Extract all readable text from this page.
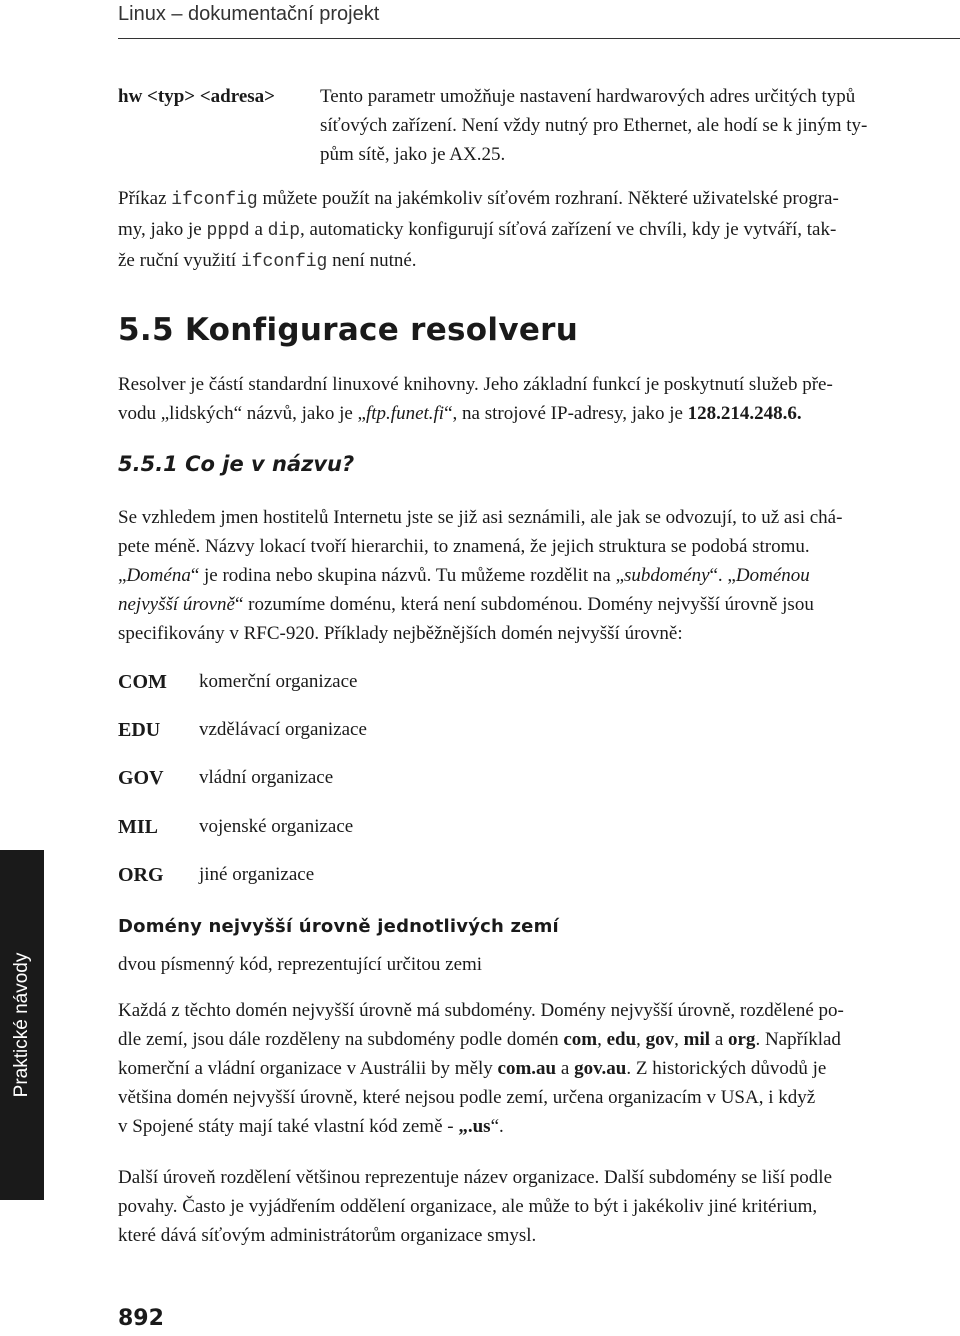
Linux – dokumentační projekt
hw <typ> <adresa> Tento parametr umožňuje nastavení hardwarových adres určitých typů
síťových zařízení. Není vždy nutný pro Ethernet, ale hodí se k jiným ty-
pům sítě, jako je AX.25.
Příkaz ifconfig můžete použít na jakémkoliv síťovém rozhraní. Některé uživatelské progra-
my, jako je pppd a dip, automaticky konfigurují síťová zařízení ve chvíli, kdy je vytváří, tak-
že ruční využití ifconfig není nutné.
5.5 Konfigurace resolveru
Resolver je částí standardní linuxové knihovny. Jeho základní funkcí je poskytnutí služeb pře-
vodu „lidských“ názvů, jako je „ftp.funet.fi“, na strojové IP-adresy, jako je 128.214.248.6.
5.5.1 Co je v názvu?
Se vzhledem jmen hostitelů Internetu jste se již asi seznámili, ale jak se odvozují, to už asi chá-
pete méně. Názvy lokací tvoří hierarchii, to znamená, že jejich struktura se podobá stromu.
„Doména“ je rodina nebo skupina názvů. Tu můžeme rozdělit na „subdomény“. „Doménou
nejvyšší úrovně“ rozumíme doménu, která není subdoménou. Domény nejvyšší úrovně jsou
specifikovány v RFC-920. Příklady nejběžnějších domén nejvyšší úrovně:
COM komerční organizace
EDU vzdělávací organizace
GOV vládní organizace
MIL vojenské organizace
ORG jiné organizace
Domény nejvyšší úrovně jednotlivých zemí
dvou písmenný kód, reprezentující určitou zemi
Každá z těchto domén nejvyšší úrovně má subdomény. Domény nejvyšší úrovně, rozdělené po-
dle zemí, jsou dále rozděleny na subdomény podle domén com, edu, gov, mil a org. Například
komerční a vládní organizace v Austrálii by měly com.au a gov.au. Z historických důvodů je
většina domén nejvyšší úrovně, které nejsou podle zemí, určena organizacím v USA, i když
v Spojené státy mají také vlastní kód země - „.us“.
Další úroveň rozdělení většinou reprezentuje název organizace. Další subdomény se liší podle
povahy. Často je vyjádřením oddělení organizace, ale může to být i jakékoliv jiné kritérium,
které dává síťovým administrátorům organizace smysl.
Praktické návody
892
